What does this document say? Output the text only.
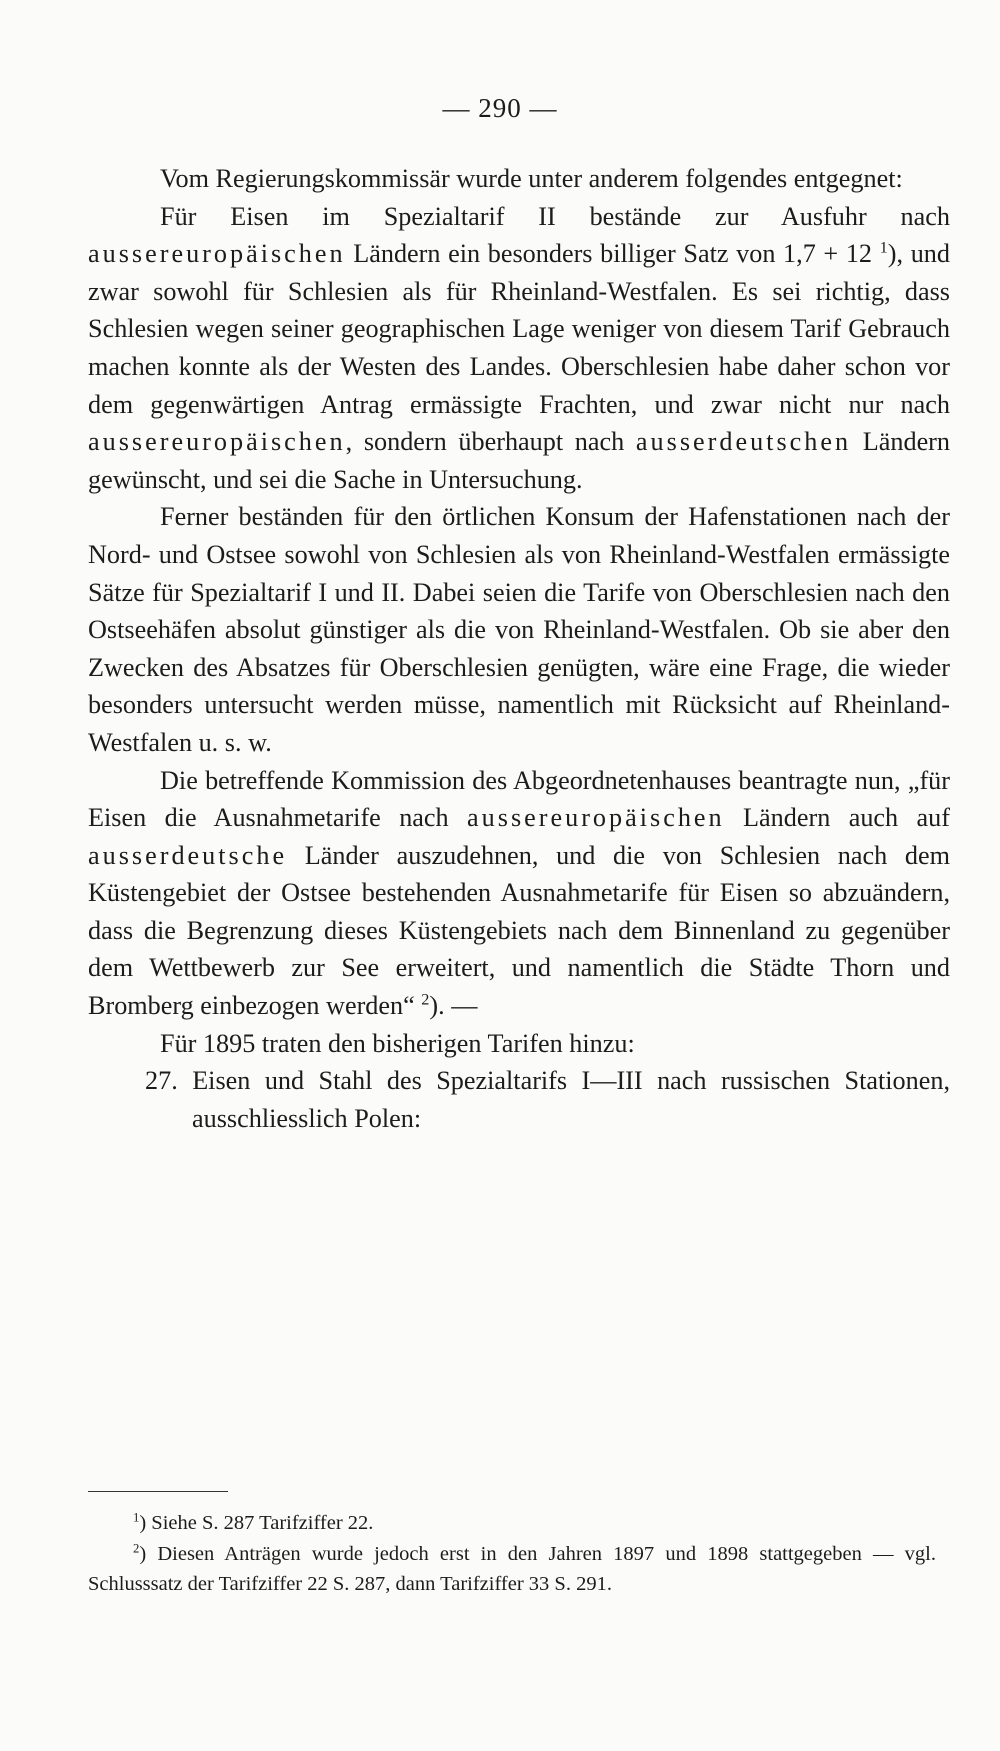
— 290 —

Vom Regierungskommissär wurde unter anderem folgendes entgegnet:

Für Eisen im Spezialtarif II bestände zur Ausfuhr nach aussereuropäischen Ländern ein besonders billiger Satz von 1,7 + 12 $^1$), und zwar sowohl für Schlesien als für Rheinland-Westfalen. Es sei richtig, dass Schlesien wegen seiner geographischen Lage weniger von diesem Tarif Gebrauch machen konnte als der Westen des Landes. Oberschlesien habe daher schon vor dem gegenwärtigen Antrag ermässigte Frachten, und zwar nicht nur nach aussereuropäischen, sondern überhaupt nach ausserdeutschen Ländern gewünscht, und sei die Sache in Untersuchung.

Ferner beständen für den örtlichen Konsum der Hafenstationen nach der Nord- und Ostsee sowohl von Schlesien als von Rheinland-Westfalen ermässigte Sätze für Spezialtarif I und II. Dabei seien die Tarife von Oberschlesien nach den Ostseehäfen absolut günstiger als die von Rheinland-Westfalen. Ob sie aber den Zwecken des Absatzes für Oberschlesien genügten, wäre eine Frage, die wieder besonders untersucht werden müsse, namentlich mit Rücksicht auf Rheinland-Westfalen u. s. w.

Die betreffende Kommission des Abgeordnetenhauses beantragte nun, „für Eisen die Ausnahmetarife nach aussereuropäischen Ländern auch auf ausserdeutsche Länder auszudehnen, und die von Schlesien nach dem Küstengebiet der Ostsee bestehenden Ausnahmetarife für Eisen so abzuändern, dass die Begrenzung dieses Küstengebiets nach dem Binnenland zu gegenüber dem Wettbewerb zur See erweitert, und namentlich die Städte Thorn und Bromberg einbezogen werden“ $^2$). —

Für 1895 traten den bisherigen Tarifen hinzu:

27. Eisen und Stahl des Spezialtarifs I—III nach russischen Stationen, ausschliesslich Polen:

$^1$) Siehe S. 287 Tarifziffer 22.

$^2$) Diesen Anträgen wurde jedoch erst in den Jahren 1897 und 1898 stattgegeben — vgl. Schlusssatz der Tarifziffer 22 S. 287, dann Tarifziffer 33 S. 291.
